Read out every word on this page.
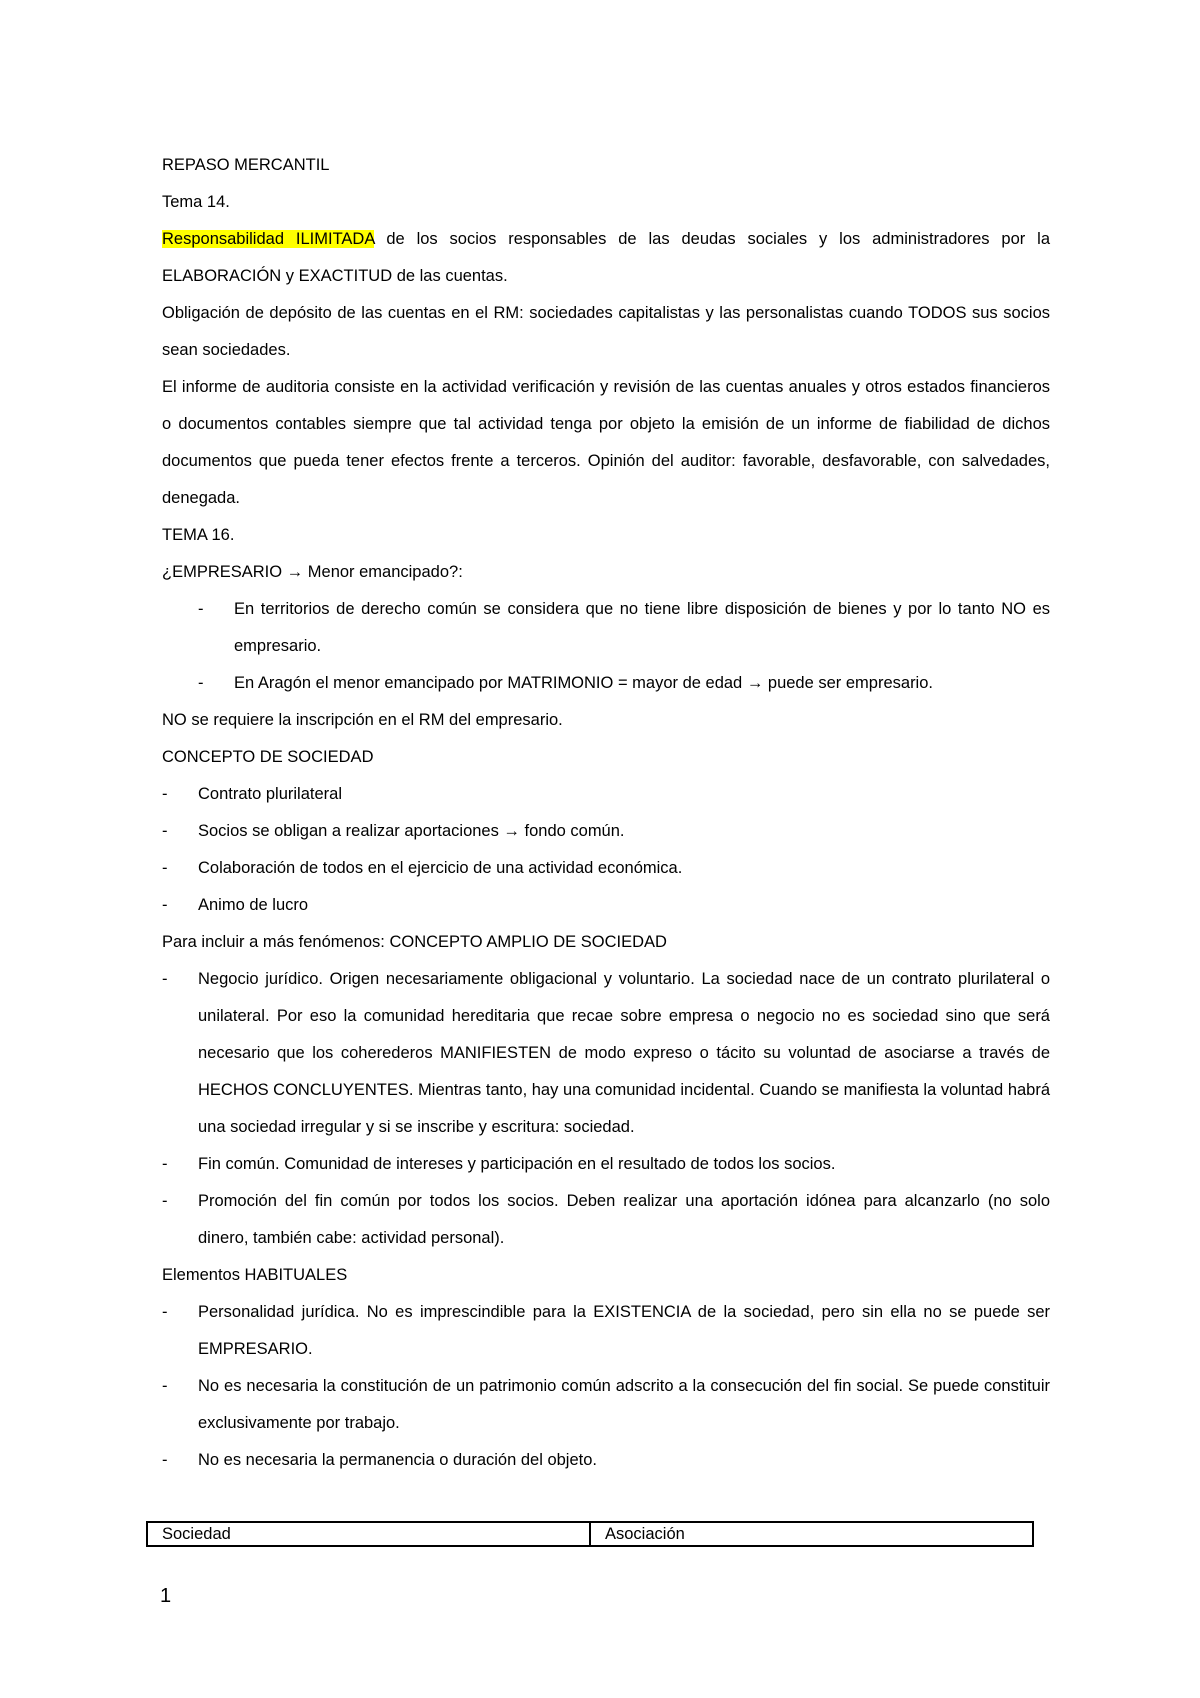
REPASO MERCANTIL

Tema 14.

Responsabilidad ILIMITADA de los socios responsables de las deudas sociales y los administradores por la ELABORACIÓN y EXACTITUD de las cuentas.

Obligación de depósito de las cuentas en el RM: sociedades capitalistas y las personalistas cuando TODOS sus socios sean sociedades.

El informe de auditoria consiste en la actividad verificación y revisión de las cuentas anuales y otros estados financieros o documentos contables siempre que tal actividad tenga por objeto la emisión de un informe de fiabilidad de dichos documentos que pueda tener efectos frente a terceros. Opinión del auditor: favorable, desfavorable, con salvedades, denegada.

TEMA 16.

¿EMPRESARIO → Menor emancipado?:

- En territorios de derecho común se considera que no tiene libre disposición de bienes y por lo tanto NO es empresario.

- En Aragón el menor emancipado por MATRIMONIO = mayor de edad → puede ser empresario.

NO se requiere la inscripción en el RM del empresario.

CONCEPTO DE SOCIEDAD

- Contrato plurilateral

- Socios se obligan a realizar aportaciones → fondo común.

- Colaboración de todos en el ejercicio de una actividad económica.

- Animo de lucro

Para incluir a más fenómenos: CONCEPTO AMPLIO DE SOCIEDAD

- Negocio jurídico. Origen necesariamente obligacional y voluntario. La sociedad nace de un contrato plurilateral o unilateral. Por eso la comunidad hereditaria que recae sobre empresa o negocio no es sociedad sino que será necesario que los coherederos MANIFIESTEN de modo expreso o tácito su voluntad de asociarse a través de HECHOS CONCLUYENTES. Mientras tanto, hay una comunidad incidental. Cuando se manifiesta la voluntad habrá una sociedad irregular y si se inscribe y escritura: sociedad.

- Fin común. Comunidad de intereses y participación en el resultado de todos los socios.

- Promoción del fin común por todos los socios. Deben realizar una aportación idónea para alcanzarlo (no solo dinero, también cabe: actividad personal).

Elementos HABITUALES

- Personalidad jurídica. No es imprescindible para la EXISTENCIA de la sociedad, pero sin ella no se puede ser EMPRESARIO.

- No es necesaria la constitución de un patrimonio común adscrito a la consecución del fin social. Se puede constituir exclusivamente por trabajo.

- No es necesaria la permanencia o duración del objeto.

Sociedad	Asociación
1
